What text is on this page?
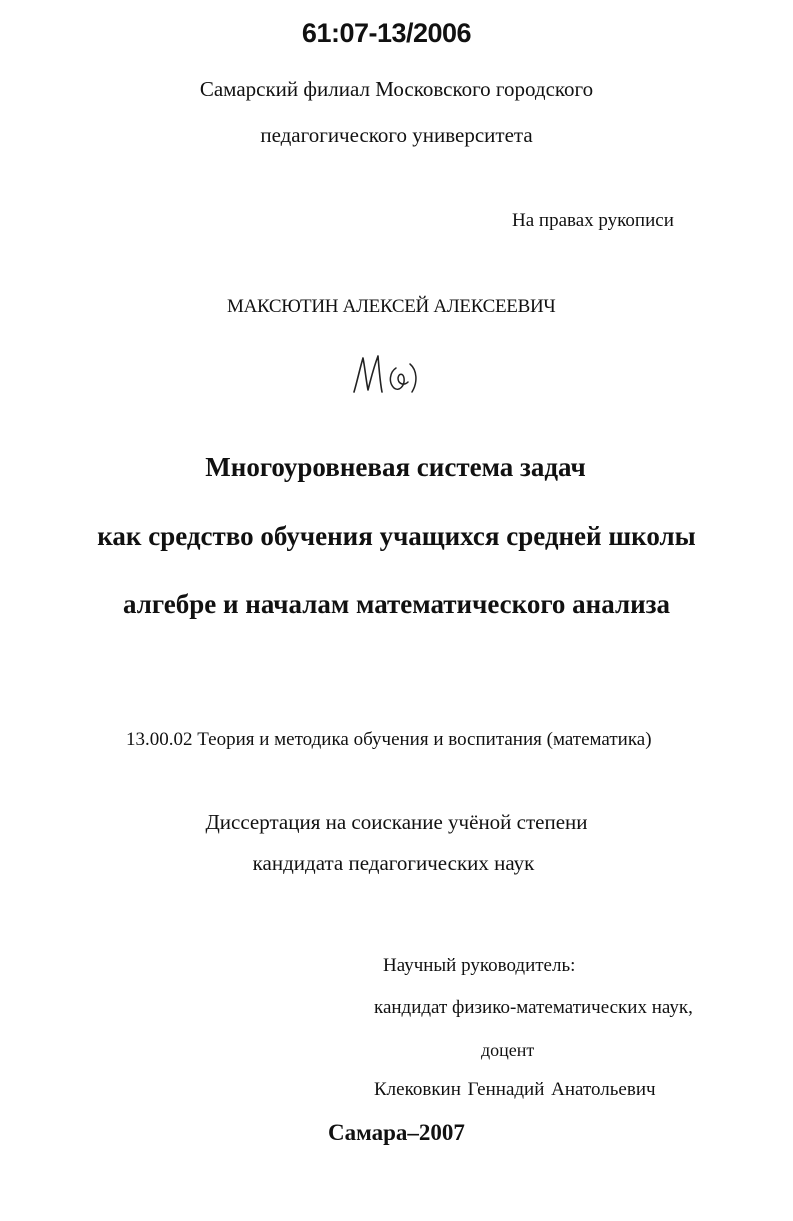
61:07-13/2006
Самарский филиал Московского городского
педагогического университета
На правах рукописи
МАКСЮТИН АЛЕКСЕЙ АЛЕКСЕЕВИЧ
Многоуровневая система задач
как средство обучения учащихся средней школы
алгебре и началам математического анализа
13.00.02 Теория и методика обучения и воспитания (математика)
Диссертация на соискание учёной степени
кандидата педагогических наук
Научный руководитель:
кандидат физико-математических наук,
доцент
Клековкин Геннадий Анатольевич
Самара–2007
